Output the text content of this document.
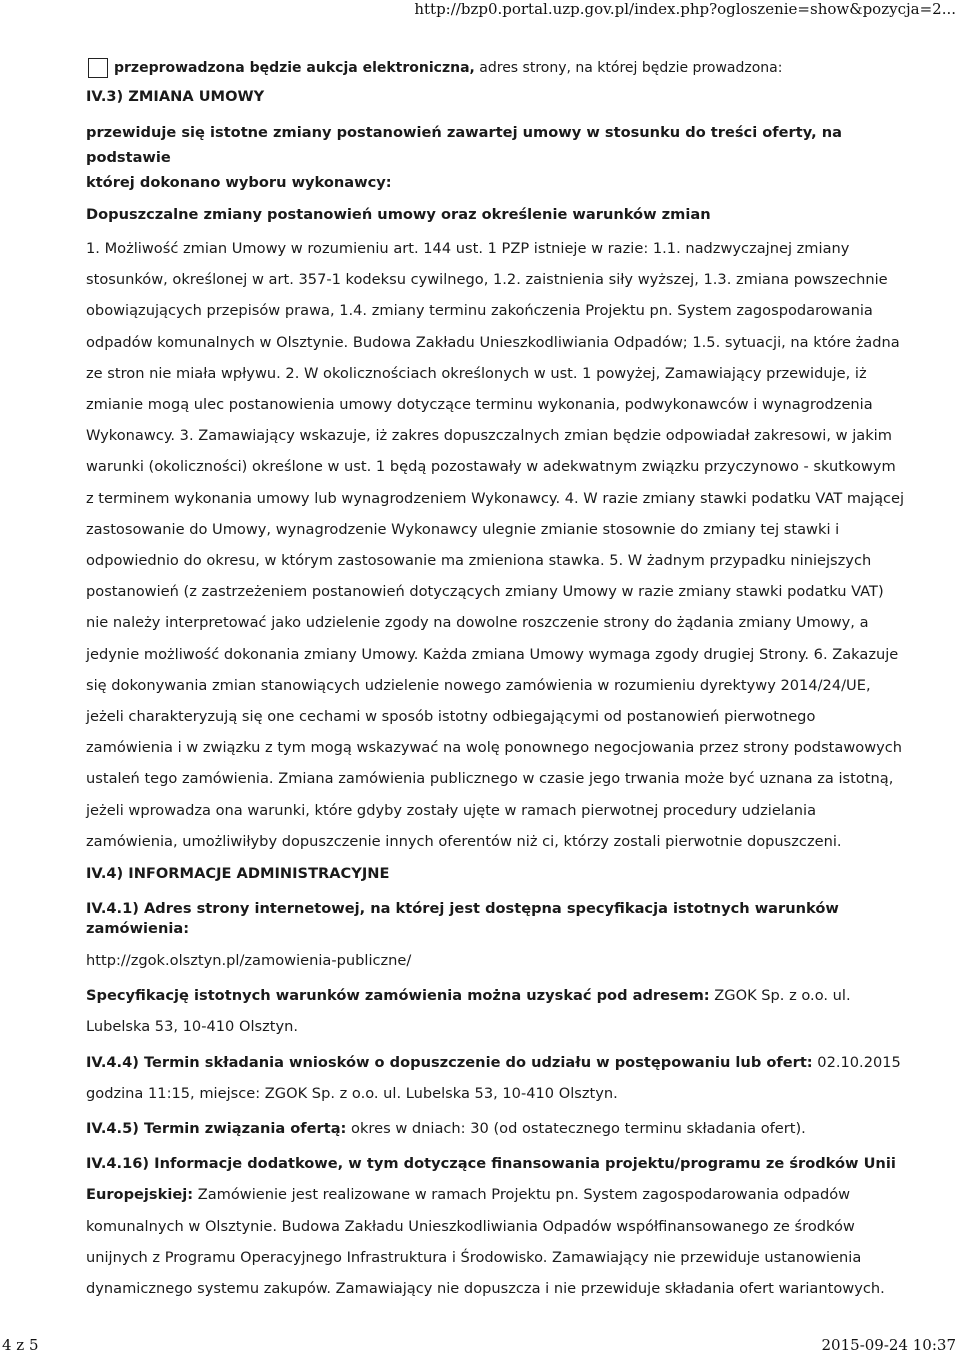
http://bzp0.portal.uzp.gov.pl/index.php?ogloszenie=show&pozycja=2...
przeprowadzona będzie aukcja elektroniczna, adres strony, na której będzie prowadzona:
IV.3) ZMIANA UMOWY
przewiduje się istotne zmiany postanowień zawartej umowy w stosunku do treści oferty, na podstawie
której dokonano wyboru wykonawcy:
Dopuszczalne zmiany postanowień umowy oraz określenie warunków zmian
1. Możliwość zmian Umowy w rozumieniu art. 144 ust. 1 PZP istnieje w razie: 1.1. nadzwyczajnej zmiany stosunków, określonej w art. 357-1 kodeksu cywilnego, 1.2. zaistnienia siły wyższej, 1.3. zmiana powszechnie obowiązujących przepisów prawa, 1.4. zmiany terminu zakończenia Projektu pn. System zagospodarowania odpadów komunalnych w Olsztynie. Budowa Zakładu Unieszkodliwiania Odpadów; 1.5. sytuacji, na które żadna ze stron nie miała wpływu. 2. W okolicznościach określonych w ust. 1 powyżej, Zamawiający przewiduje, iż zmianie mogą ulec postanowienia umowy dotyczące terminu wykonania, podwykonawców i wynagrodzenia Wykonawcy. 3. Zamawiający wskazuje, iż zakres dopuszczalnych zmian będzie odpowiadał zakresowi, w jakim warunki (okoliczności) określone w ust. 1 będą pozostawały w adekwatnym związku przyczynowo - skutkowym z terminem wykonania umowy lub wynagrodzeniem Wykonawcy. 4. W razie zmiany stawki podatku VAT mającej zastosowanie do Umowy, wynagrodzenie Wykonawcy ulegnie zmianie stosownie do zmiany tej stawki i odpowiednio do okresu, w którym zastosowanie ma zmieniona stawka. 5. W żadnym przypadku niniejszych postanowień (z zastrzeżeniem postanowień dotyczących zmiany Umowy w razie zmiany stawki podatku VAT) nie należy interpretować jako udzielenie zgody na dowolne roszczenie strony do żądania zmiany Umowy, a jedynie możliwość dokonania zmiany Umowy. Każda zmiana Umowy wymaga zgody drugiej Strony. 6. Zakazuje się dokonywania zmian stanowiących udzielenie nowego zamówienia w rozumieniu dyrektywy 2014/24/UE, jeżeli charakteryzują się one cechami w sposób istotny odbiegającymi od postanowień pierwotnego zamówienia i w związku z tym mogą wskazywać na wolę ponownego negocjowania przez strony podstawowych ustaleń tego zamówienia. Zmiana zamówienia publicznego w czasie jego trwania może być uznana za istotną, jeżeli wprowadza ona warunki, które gdyby zostały ujęte w ramach pierwotnej procedury udzielania zamówienia, umożliwiłyby dopuszczenie innych oferentów niż ci, którzy zostali pierwotnie dopuszczeni.
IV.4) INFORMACJE ADMINISTRACYJNE
IV.4.1) Adres strony internetowej, na której jest dostępna specyfikacja istotnych warunków zamówienia:
http://zgok.olsztyn.pl/zamowienia-publiczne/
Specyfikację istotnych warunków zamówienia można uzyskać pod adresem: ZGOK Sp. z o.o. ul. Lubelska 53, 10-410 Olsztyn.
IV.4.4) Termin składania wniosków o dopuszczenie do udziału w postępowaniu lub ofert: 02.10.2015 godzina 11:15, miejsce: ZGOK Sp. z o.o. ul. Lubelska 53, 10-410 Olsztyn.
IV.4.5) Termin związania ofertą: okres w dniach: 30 (od ostatecznego terminu składania ofert).
IV.4.16) Informacje dodatkowe, w tym dotyczące finansowania projektu/programu ze środków Unii Europejskiej: Zamówienie jest realizowane w ramach Projektu pn. System zagospodarowania odpadów komunalnych w Olsztynie. Budowa Zakładu Unieszkodliwiania Odpadów współfinansowanego ze środków unijnych z Programu Operacyjnego Infrastruktura i Środowisko. Zamawiający nie przewiduje ustanowienia dynamicznego systemu zakupów. Zamawiający nie dopuszcza i nie przewiduje składania ofert wariantowych.
4 z 5	2015-09-24 10:37
